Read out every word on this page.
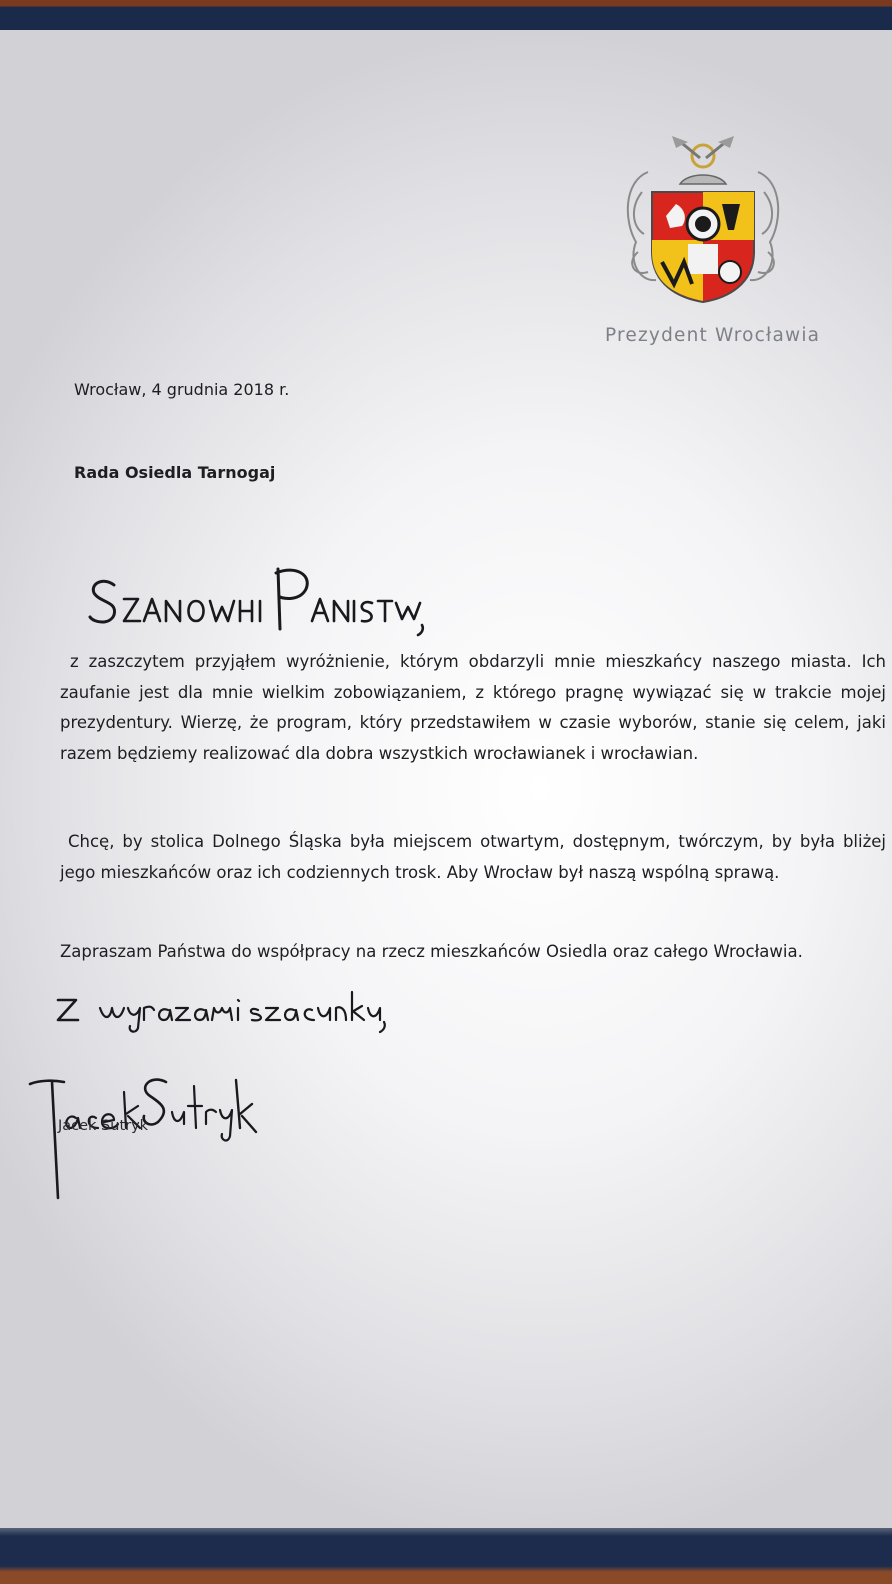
Prezydent Wrocławia
Wrocław, 4 grudnia 2018 r.
Rada Osiedla Tarnogaj

z zaszczytem przyjąłem wyróżnienie, którym obdarzyli mnie mieszkańcy naszego miasta. Ich zaufanie jest dla mnie wielkim zobowiązaniem, z którego pragnę wywiązać się w trakcie mojej prezydentury. Wierzę, że program, który przedstawiłem w czasie wyborów, stanie się celem, jaki razem będziemy realizować dla dobra wszystkich wrocławianek i wrocławian.

Chcę, by stolica Dolnego Śląska była miejscem otwartym, dostępnym, twórczym, by była bliżej jego mieszkańców oraz ich codziennych trosk. Aby Wrocław był naszą wspólną sprawą.

Zapraszam Państwa do współpracy na rzecz mieszkańców Osiedla oraz całego Wrocławia.

Jacek Sutryk
